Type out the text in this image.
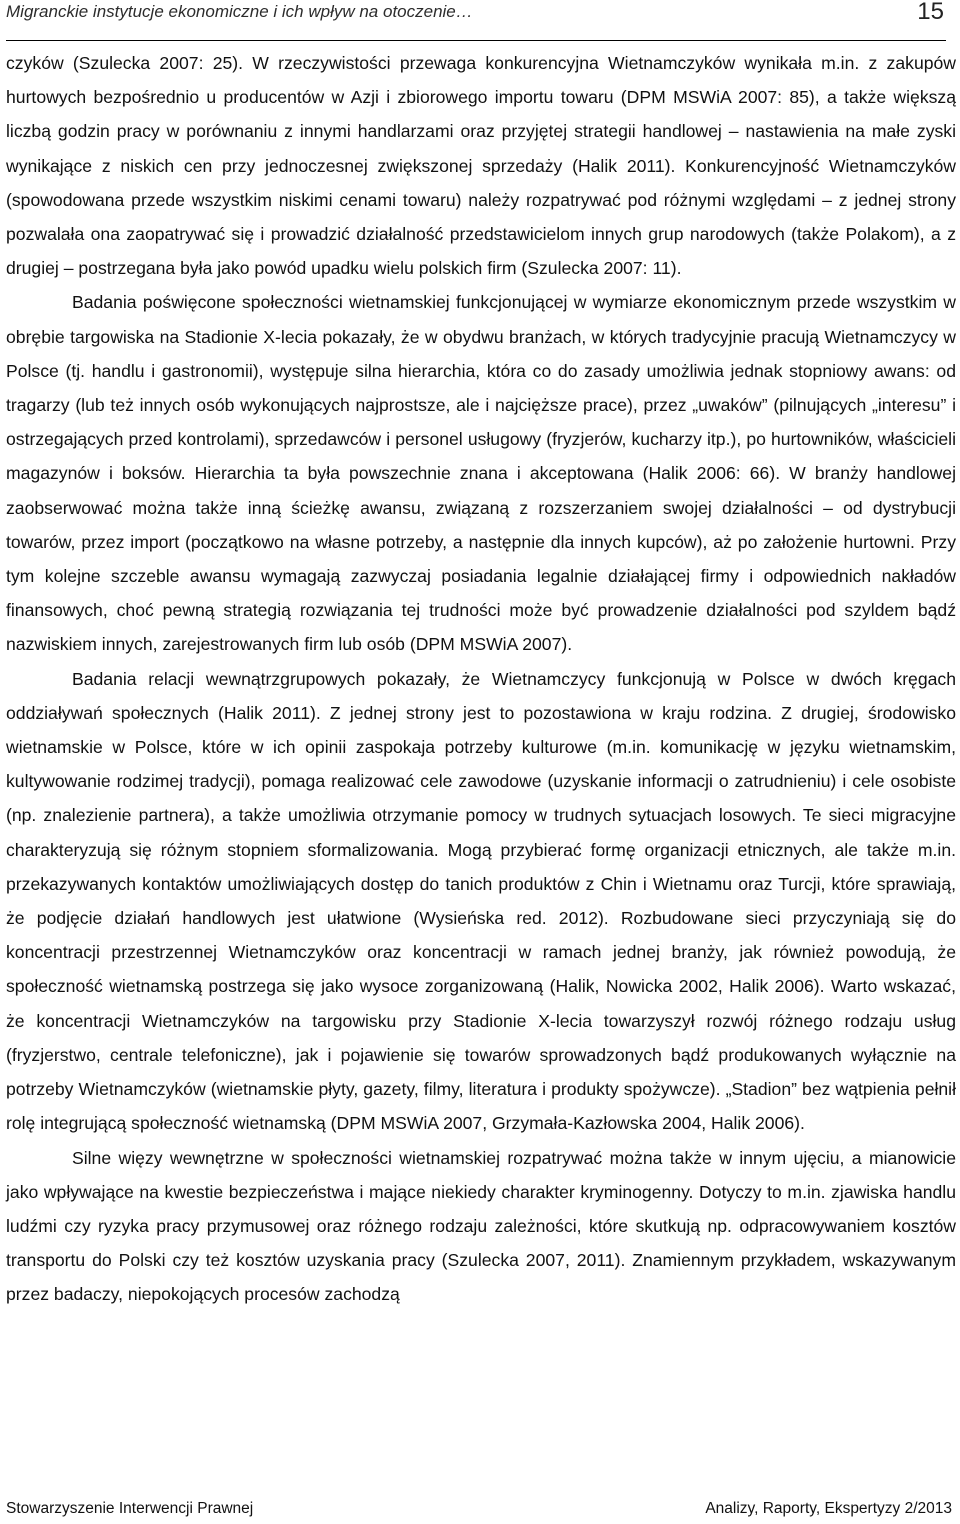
Migranckie instytucje ekonomiczne i ich wpływ na otoczenie…	15

czyków (Szulecka 2007: 25). W rzeczywistości przewaga konkurencyjna Wietnamczyków wynikała m.in. z zakupów hurtowych bezpośrednio u producentów w Azji i zbiorowego importu towaru (DPM MSWiA 2007: 85), a także większą liczbą godzin pracy w porównaniu z innymi handlarzami oraz przyjętej strategii handlowej – nastawienia na małe zyski wynikające z niskich cen przy jednoczesnej zwiększonej sprzedaży (Halik 2011). Konkurencyjność Wietnamczyków (spowodowana przede wszystkim niskimi cenami towaru) należy rozpatrywać pod różnymi względami – z jednej strony pozwalała ona zaopatrywać się i prowadzić działalność przedstawicielom innych grup narodowych (także Polakom), a z drugiej – postrzegana była jako powód upadku wielu polskich firm (Szulecka 2007: 11).

Badania poświęcone społeczności wietnamskiej funkcjonującej w wymiarze ekonomicznym przede wszystkim w obrębie targowiska na Stadionie X-lecia pokazały, że w obydwu branżach, w których tradycyjnie pracują Wietnamczycy w Polsce (tj. handlu i gastronomii), występuje silna hierarchia, która co do zasady umożliwia jednak stopniowy awans: od tragarzy (lub też innych osób wykonujących najprostsze, ale i najcięższe prace), przez „uwaków” (pilnujących „interesu” i ostrzegających przed kontrolami), sprzedawców i personel usługowy (fryzjerów, kucharzy itp.), po hurtowników, właścicieli magazynów i boksów. Hierarchia ta była powszechnie znana i akceptowana (Halik 2006: 66). W branży handlowej zaobserwować można także inną ścieżkę awansu, związaną z rozszerzaniem swojej działalności – od dystrybucji towarów, przez import (początkowo na własne potrzeby, a następnie dla innych kupców), aż po założenie hurtowni. Przy tym kolejne szczeble awansu wymagają zazwyczaj posiadania legalnie działającej firmy i odpowiednich nakładów finansowych, choć pewną strategią rozwiązania tej trudności może być prowadzenie działalności pod szyldem bądź nazwiskiem innych, zarejestrowanych firm lub osób (DPM MSWiA 2007).

Badania relacji wewnątrzgrupowych pokazały, że Wietnamczycy funkcjonują w Polsce w dwóch kręgach oddziaływań społecznych (Halik 2011). Z jednej strony jest to pozostawiona w kraju rodzina. Z drugiej, środowisko wietnamskie w Polsce, które w ich opinii zaspokaja potrzeby kulturowe (m.in. komunikację w języku wietnamskim, kultywowanie rodzimej tradycji), pomaga realizować cele zawodowe (uzyskanie informacji o zatrudnieniu) i cele osobiste (np. znalezienie partnera), a także umożliwia otrzymanie pomocy w trudnych sytuacjach losowych. Te sieci migracyjne charakteryzują się różnym stopniem sformalizowania. Mogą przybierać formę organizacji etnicznych, ale także m.in. przekazywanych kontaktów umożliwiających dostęp do tanich produktów z Chin i Wietnamu oraz Turcji, które sprawiają, że podjęcie działań handlowych jest ułatwione (Wysieńska red. 2012). Rozbudowane sieci przyczyniają się do koncentracji przestrzennej Wietnamczyków oraz koncentracji w ramach jednej branży, jak również powodują, że społeczność wietnamską postrzega się jako wysoce zorganizowaną (Halik, Nowicka 2002, Halik 2006). Warto wskazać, że koncentracji Wietnamczyków na targowisku przy Stadionie X-lecia towarzyszył rozwój różnego rodzaju usług (fryzjerstwo, centrale telefoniczne), jak i pojawienie się towarów sprowadzonych bądź produkowanych wyłącznie na potrzeby Wietnamczyków (wietnamskie płyty, gazety, filmy, literatura i produkty spożywcze). „Stadion” bez wątpienia pełnił rolę integrującą społeczność wietnamską (DPM MSWiA 2007, Grzymała-Kazłowska 2004, Halik 2006).

Silne więzy wewnętrzne w społeczności wietnamskiej rozpatrywać można także w innym ujęciu, a mianowicie jako wpływające na kwestie bezpieczeństwa i mające niekiedy charakter kryminogenny. Dotyczy to m.in. zjawiska handlu ludźmi czy ryzyka pracy przymusowej oraz różnego rodzaju zależności, które skutkują np. odpracowywaniem kosztów transportu do Polski czy też kosztów uzyskania pracy (Szulecka 2007, 2011). Znamiennym przykładem, wskazywanym przez badaczy, niepokojących procesów zachodzą

Stowarzyszenie Interwencji Prawnej	Analizy, Raporty, Ekspertyzy 2/2013
